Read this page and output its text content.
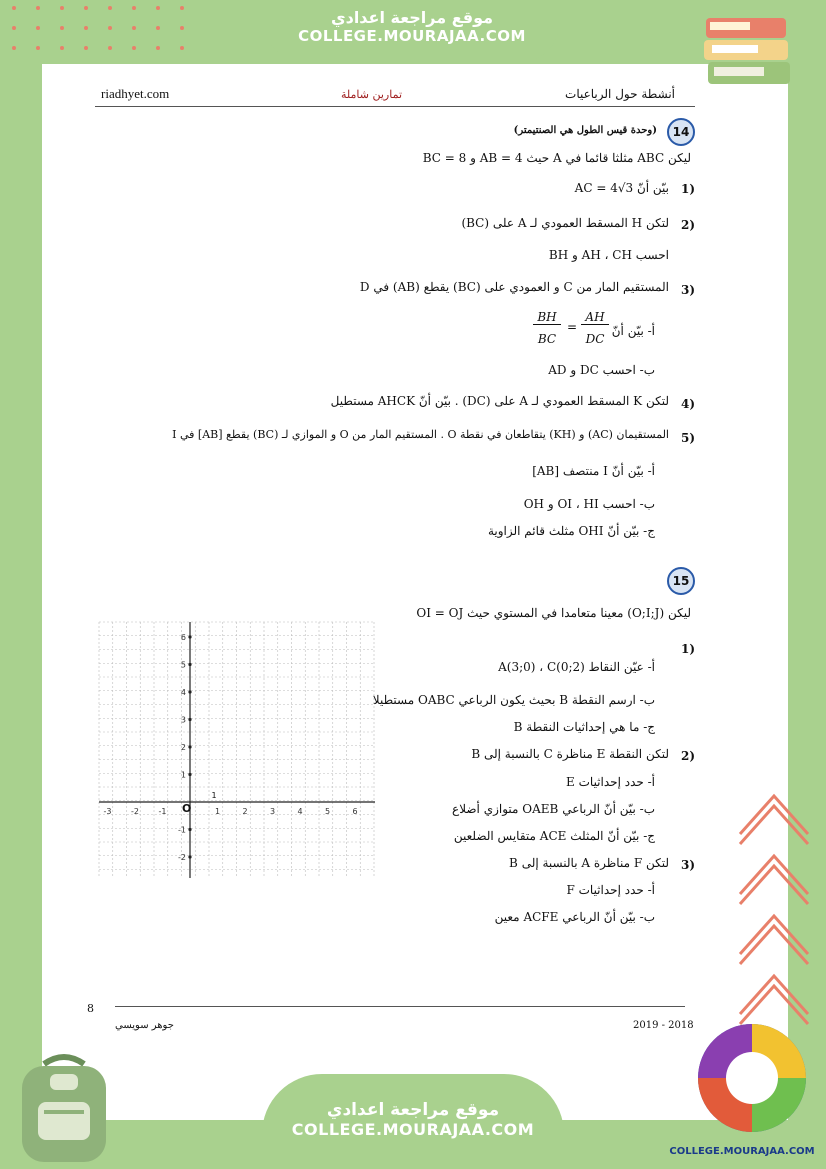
موقع مراجعة اعدادي
COLLEGE.MOURAJAA.COM
riadhyet.com	تمارين شاملة	أنشطة حول الرباعيات
14
(وحدة قيس الطول هي الصنتيمتر)
ليكن ABC مثلثا قائما في A حيث AB = 4 و BC = 8
1)
بيّن أنّ AC = 4√3
2)
لتكن H المسقط العمودي لـ A على (BC)
احسب AH ، CH و BH
3)
المستقيم المار من C و العمودي على (BC) يقطع (AB) في D
أ- بيّن أنّ
BH
BC
=
AH
DC
ب- احسب DC و AD
4)
لتكن K المسقط العمودي لـ A على (DC) . بيّن أنّ AHCK مستطيل
5)
المستقيمان (AC) و (KH) يتقاطعان في نقطة O . المستقيم المار من O و الموازي لـ (BC) يقطع [AB] في I
أ- بيّن أنّ I منتصف [AB]
ب- احسب OI ، HI و OH
ج- بيّن أنّ OHI مثلث قائم الزاوية
15
ليكن (O;I;J) معينا متعامدا في المستوي حيث OI = OJ
1)
أ- عيّن النقاط A(3;0) ، C(0;2)
ب- ارسم النقطة B بحيث يكون الرباعي OABC مستطيلا
ج- ما هي إحداثيات النقطة B
2)
لتكن النقطة E مناظرة C بالنسبة إلى B
أ- حدد إحداثيات E
ب- بيّن أنّ الرباعي OAEB متوازي أضلاع
ج- بيّن أنّ المثلث ACE متقايس الضلعين
3)
لتكن F مناظرة A بالنسبة إلى B
أ- حدد إحداثيات F
ب- بيّن أنّ الرباعي ACFE معين
-3 -2 -1	1	2	3	4	5	6
6
5
4
3
2
1
-1
-2
O
1
8
جوهر سويسي	2019 - 2018
موقع مراجعة اعدادي
COLLEGE.MOURAJAA.COM
COLLEGE.MOURAJAA.COM
